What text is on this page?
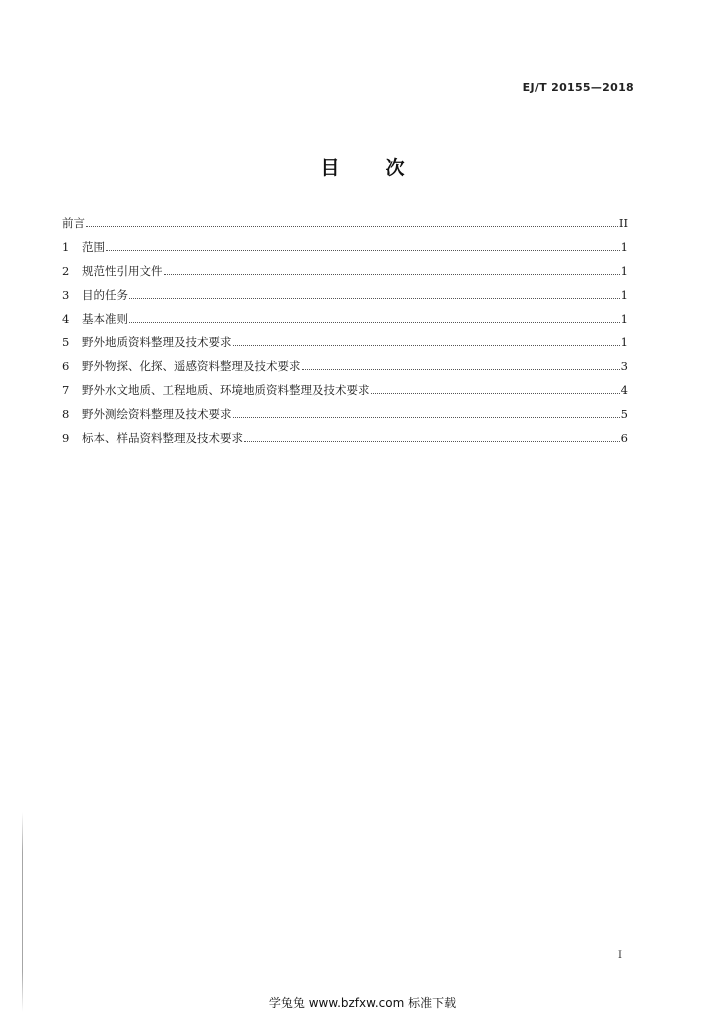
EJ/T 20155—2018
目 次
前言	II
1	范围	1
2	规范性引用文件	1
3	目的任务	1
4	基本准则	1
5	野外地质资料整理及技术要求	1
6	野外物探、化探、遥感资料整理及技术要求	3
7	野外水文地质、工程地质、环境地质资料整理及技术要求	4
8	野外测绘资料整理及技术要求	5
9	标本、样品资料整理及技术要求	6
I
学兔兔 www.bzfxw.com 标准下载
